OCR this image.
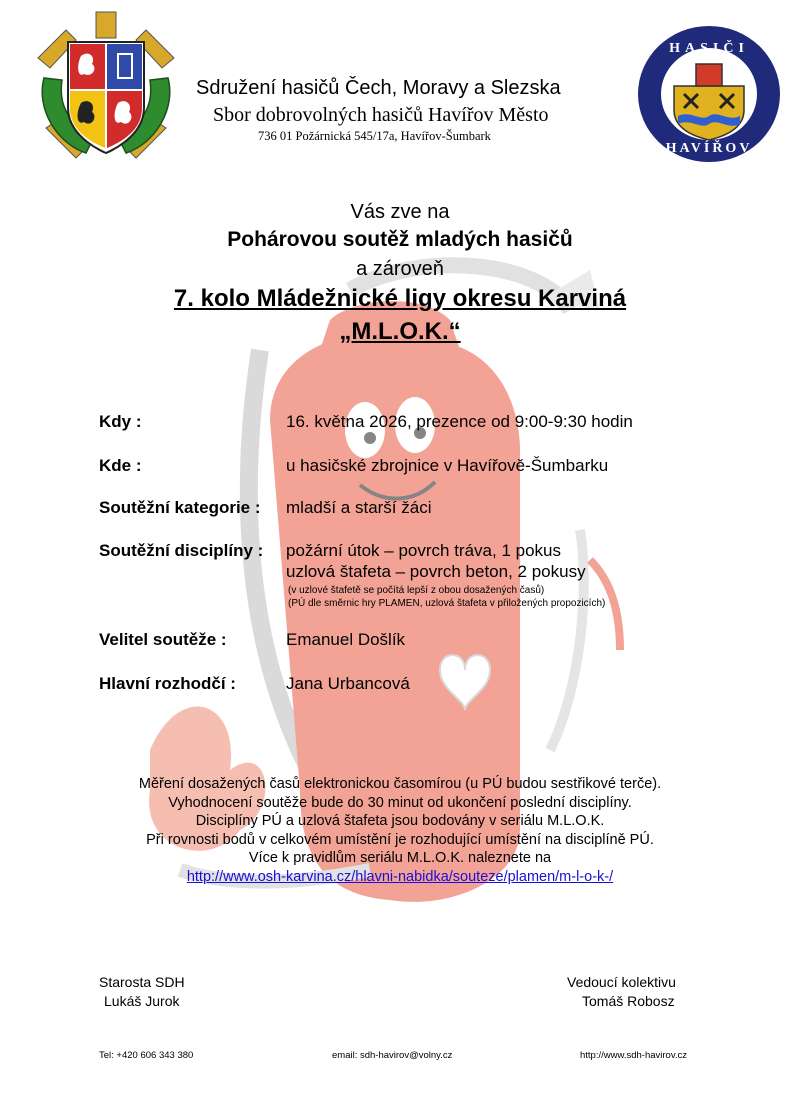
HASIČI
HAVÍŘOV
Sdružení hasičů Čech, Moravy a Slezska
Sbor dobrovolných hasičů Havířov Město
736 01 Požárnická 545/17a, Havířov-Šumbark
Vás zve na
Pohárovou soutěž mladých hasičů
a zároveň
7. kolo Mládežnické ligy okresu Karviná
„M.L.O.K.“
Kdy :	16. května 2026, prezence od 9:00-9:30 hodin
Kde :	u hasičské zbrojnice v Havířově-Šumbarku
Soutěžní kategorie : mladší a starší žáci
Soutěžní disciplíny : požární útok – povrch tráva, 1 pokus
uzlová štafeta – povrch beton, 2 pokusy
(v uzlové štafetě se počítá lepší z obou dosažených časů)
(PÚ dle směrnic hry PLAMEN, uzlová štafeta v přiložených propozicích)
Velitel soutěže :	Emanuel Došlík
Hlavní rozhodčí :	Jana Urbancová
Měření dosažených časů elektronickou časomírou (u PÚ budou sestřikové terče).
Vyhodnocení soutěže bude do 30 minut od ukončení poslední disciplíny.
Disciplíny PÚ a uzlová štafeta jsou bodovány v seriálu M.L.O.K.
Při rovnosti bodů v celkovém umístění je rozhodující umístění na disciplíně PÚ.
Více k pravidlům seriálu M.L.O.K. naleznete na
http://www.osh-karvina.cz/hlavni-nabidka/souteze/plamen/m-l-o-k-/
Starosta SDH
Lukáš Jurok
Vedoucí kolektivu
Tomáš Robosz
Tel: +420 606 343 380	email: sdh-havirov@volny.cz	http://www.sdh-havirov.cz
